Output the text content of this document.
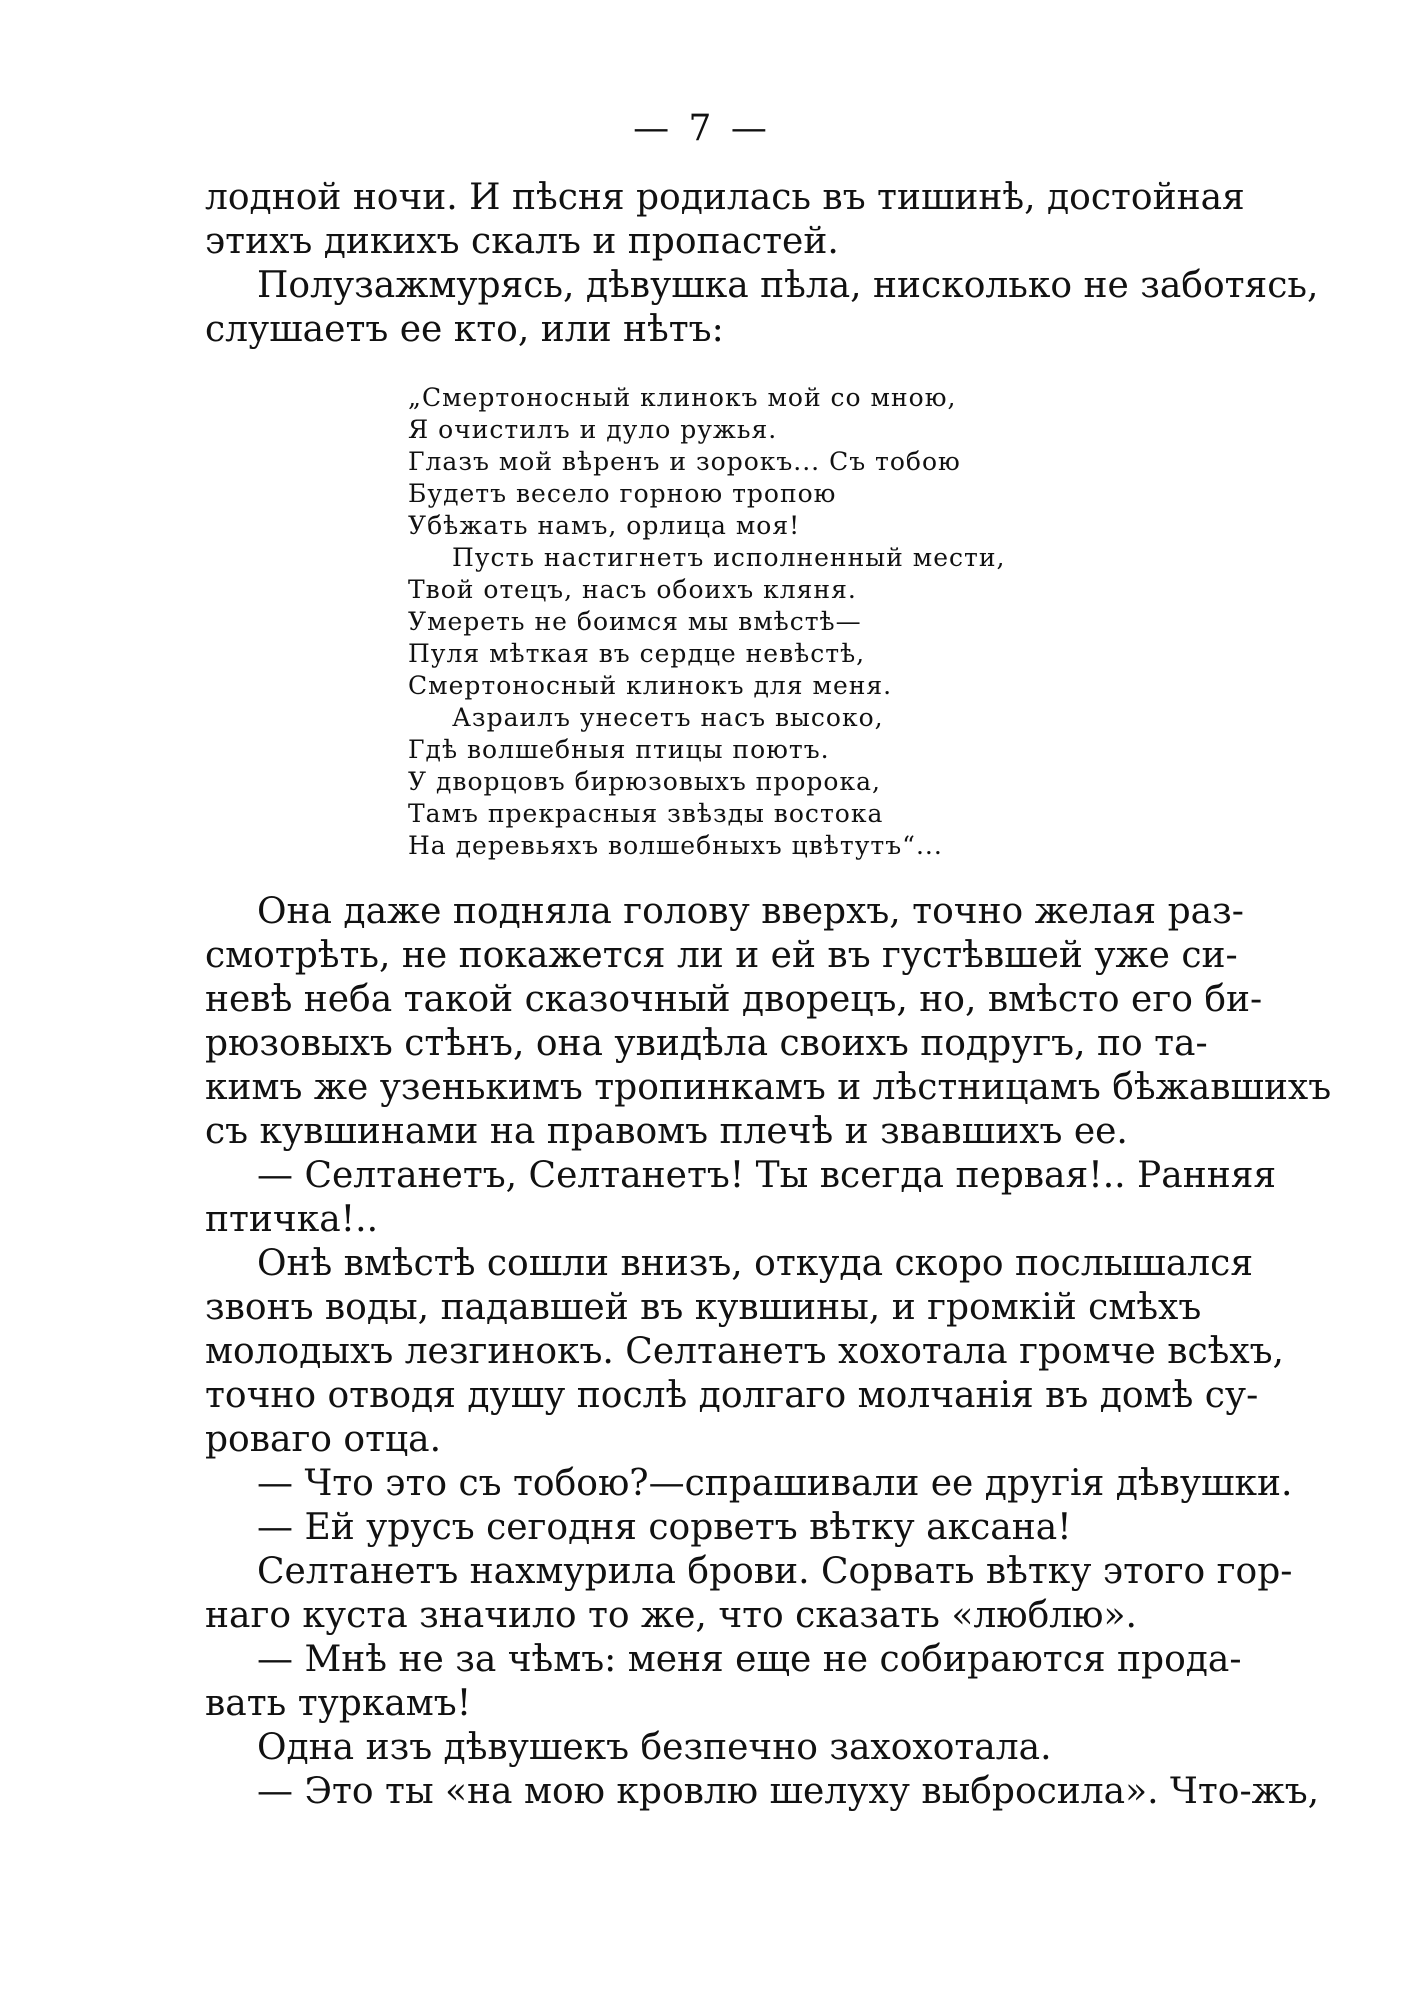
— 7 —
лодной ночи. И пѣсня родилась въ тишинѣ, достойная
этихъ дикихъ скалъ и пропастей.
Полузажмурясь, дѣвушка пѣла, нисколько не заботясь,
слушаетъ ее кто, или нѣтъ:
„Смертоносный клинокъ мой со мною,
Я очистилъ и дуло ружья.
Глазъ мой вѣренъ и зорокъ... Съ тобою
Будетъ весело горною тропою
Убѣжать намъ, орлица моя!
Пусть настигнетъ исполненный мести,
Твой отецъ, насъ обоихъ кляня.
Умереть не боимся мы вмѣстѣ—
Пуля мѣткая въ сердце невѣстѣ,
Смертоносный клинокъ для меня.
Азраилъ унесетъ насъ высоко,
Гдѣ волшебныя птицы поютъ.
У дворцовъ бирюзовыхъ пророка,
Тамъ прекрасныя звѣзды востока
На деревьяхъ волшебныхъ цвѣтутъ“...
Она даже подняла голову вверхъ, точно желая раз-
смотрѣть, не покажется ли и ей въ густѣвшей уже си-
невѣ неба такой сказочный дворецъ, но, вмѣсто его би-
рюзовыхъ стѣнъ, она увидѣла своихъ подругъ, по та-
кимъ же узенькимъ тропинкамъ и лѣстницамъ бѣжавшихъ
съ кувшинами на правомъ плечѣ и звавшихъ ее.
— Селтанетъ, Селтанетъ! Ты всегда первая!.. Ранняя
птичка!..
Онѣ вмѣстѣ сошли внизъ, откуда скоро послышался
звонъ воды, падавшей въ кувшины, и громкій смѣхъ
молодыхъ лезгинокъ. Селтанетъ хохотала громче всѣхъ,
точно отводя душу послѣ долгаго молчанія въ домѣ су-
роваго отца.
— Что это съ тобою?—спрашивали ее другія дѣвушки.
— Ей урусъ сегодня сорветъ вѣтку аксана!
Селтанетъ нахмурила брови. Сорвать вѣтку этого гор-
наго куста значило то же, что сказать «люблю».
— Мнѣ не за чѣмъ: меня еще не собираются прода-
вать туркамъ!
Одна изъ дѣвушекъ безпечно захохотала.
— Это ты «на мою кровлю шелуху выбросила». Что-жъ,
